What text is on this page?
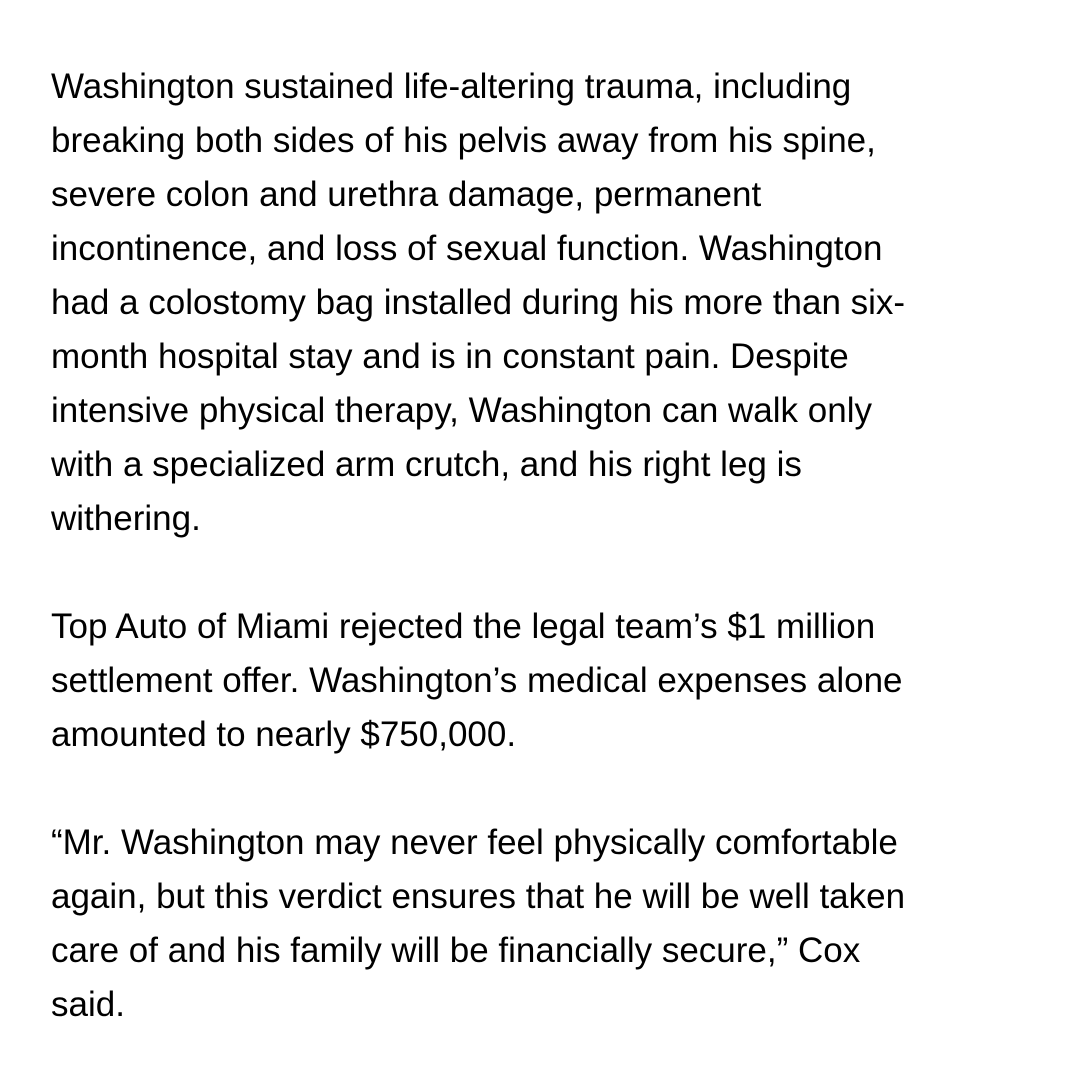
Washington sustained life-altering trauma, including
breaking both sides of his pelvis away from his spine,
severe colon and urethra damage, permanent
incontinence, and loss of sexual function. Washington
had a colostomy bag installed during his more than six-
month hospital stay and is in constant pain. Despite
intensive physical therapy, Washington can walk only
with a specialized arm crutch, and his right leg is
withering.
Top Auto of Miami rejected the legal team’s $1 million
settlement offer. Washington’s medical expenses alone
amounted to nearly $750,000.
“Mr. Washington may never feel physically comfortable
again, but this verdict ensures that he will be well taken
care of and his family will be financially secure,” Cox
said.
